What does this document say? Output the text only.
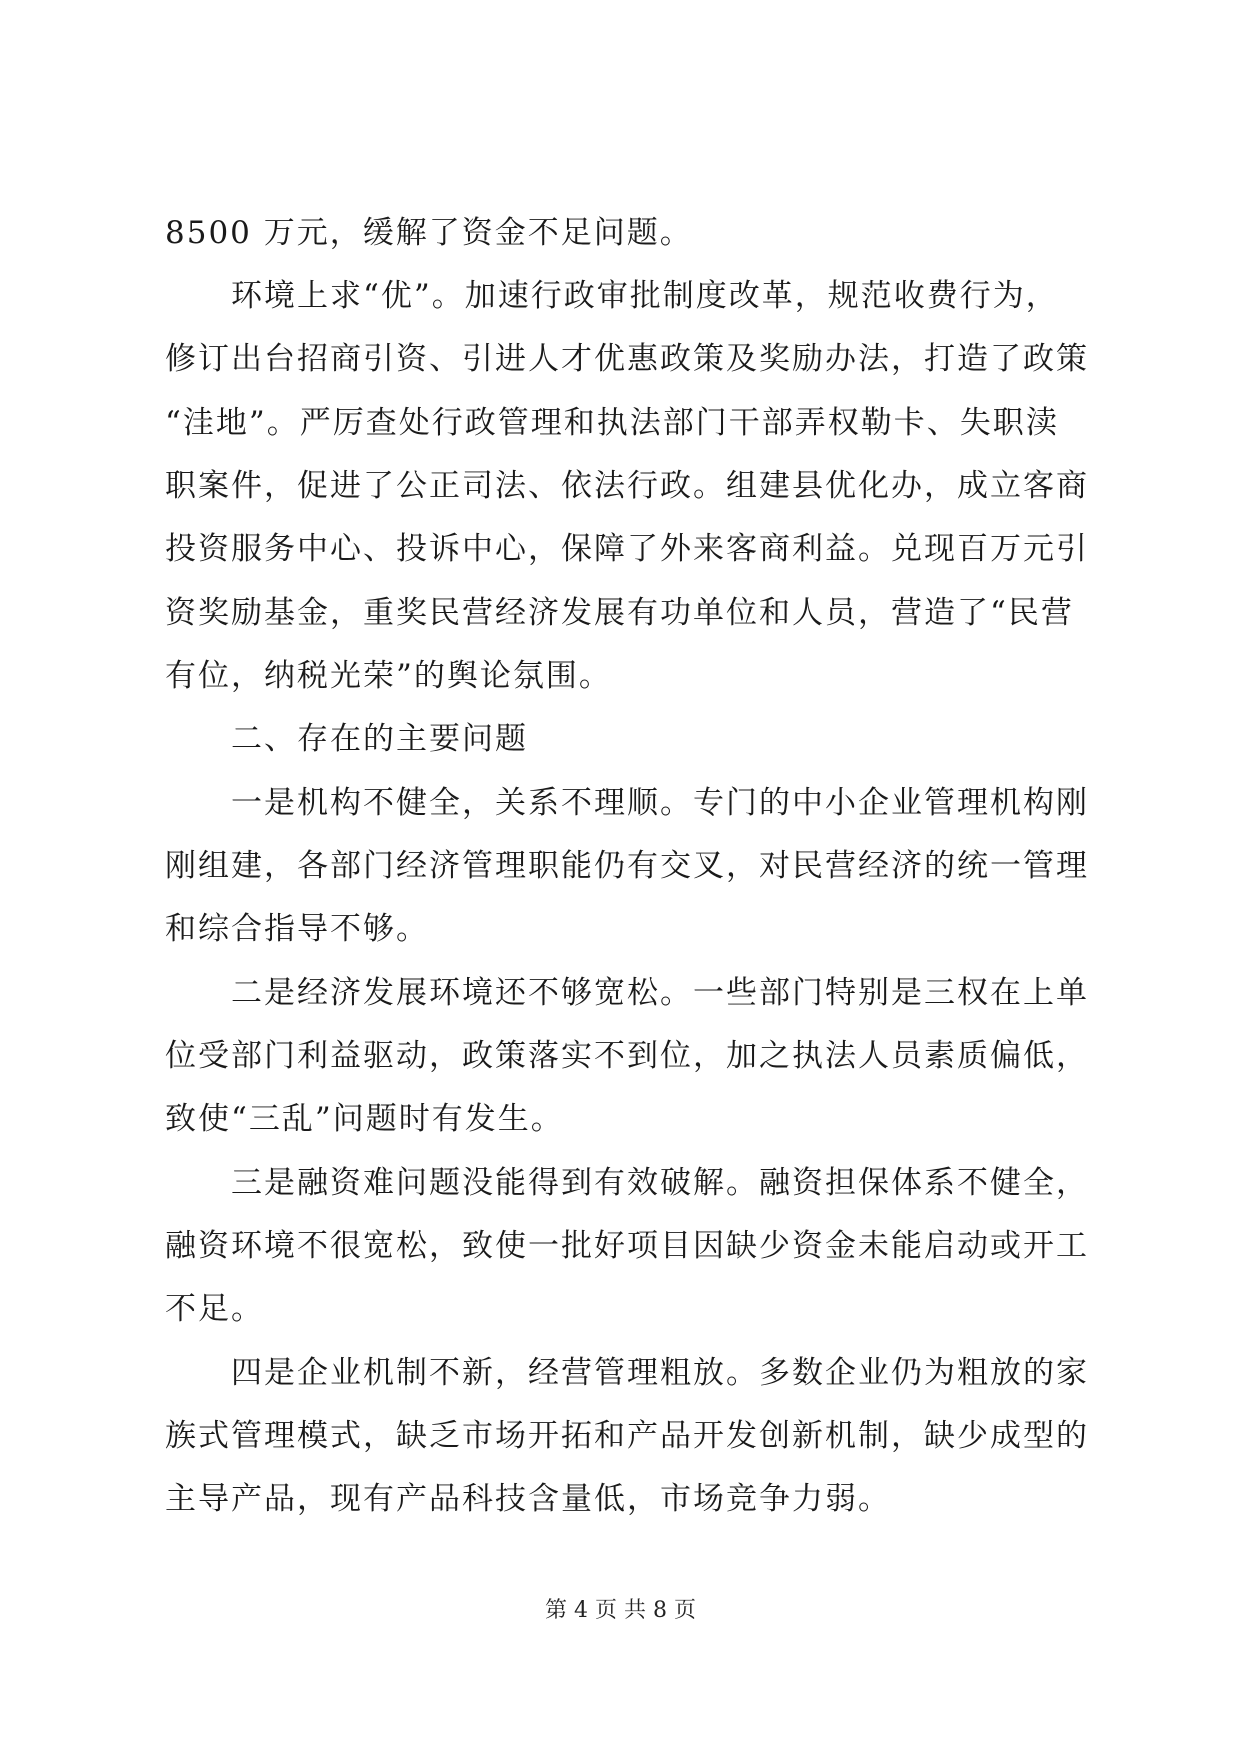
8500 万元，缓解了资金不足问题。
环境上求“优”。加速行政审批制度改革，规范收费行为，
修订出台招商引资、引进人才优惠政策及奖励办法，打造了政策
“洼地”。严厉查处行政管理和执法部门干部弄权勒卡、失职渎
职案件，促进了公正司法、依法行政。组建县优化办，成立客商
投资服务中心、投诉中心，保障了外来客商利益。兑现百万元引
资奖励基金，重奖民营经济发展有功单位和人员，营造了“民营
有位，纳税光荣”的舆论氛围。
二、存在的主要问题
一是机构不健全，关系不理顺。专门的中小企业管理机构刚
刚组建，各部门经济管理职能仍有交叉，对民营经济的统一管理
和综合指导不够。
二是经济发展环境还不够宽松。一些部门特别是三权在上单
位受部门利益驱动，政策落实不到位，加之执法人员素质偏低，
致使“三乱”问题时有发生。
三是融资难问题没能得到有效破解。融资担保体系不健全，
融资环境不很宽松，致使一批好项目因缺少资金未能启动或开工
不足。
四是企业机制不新，经营管理粗放。多数企业仍为粗放的家
族式管理模式，缺乏市场开拓和产品开发创新机制，缺少成型的
主导产品，现有产品科技含量低，市场竞争力弱。
第 4 页 共 8 页
